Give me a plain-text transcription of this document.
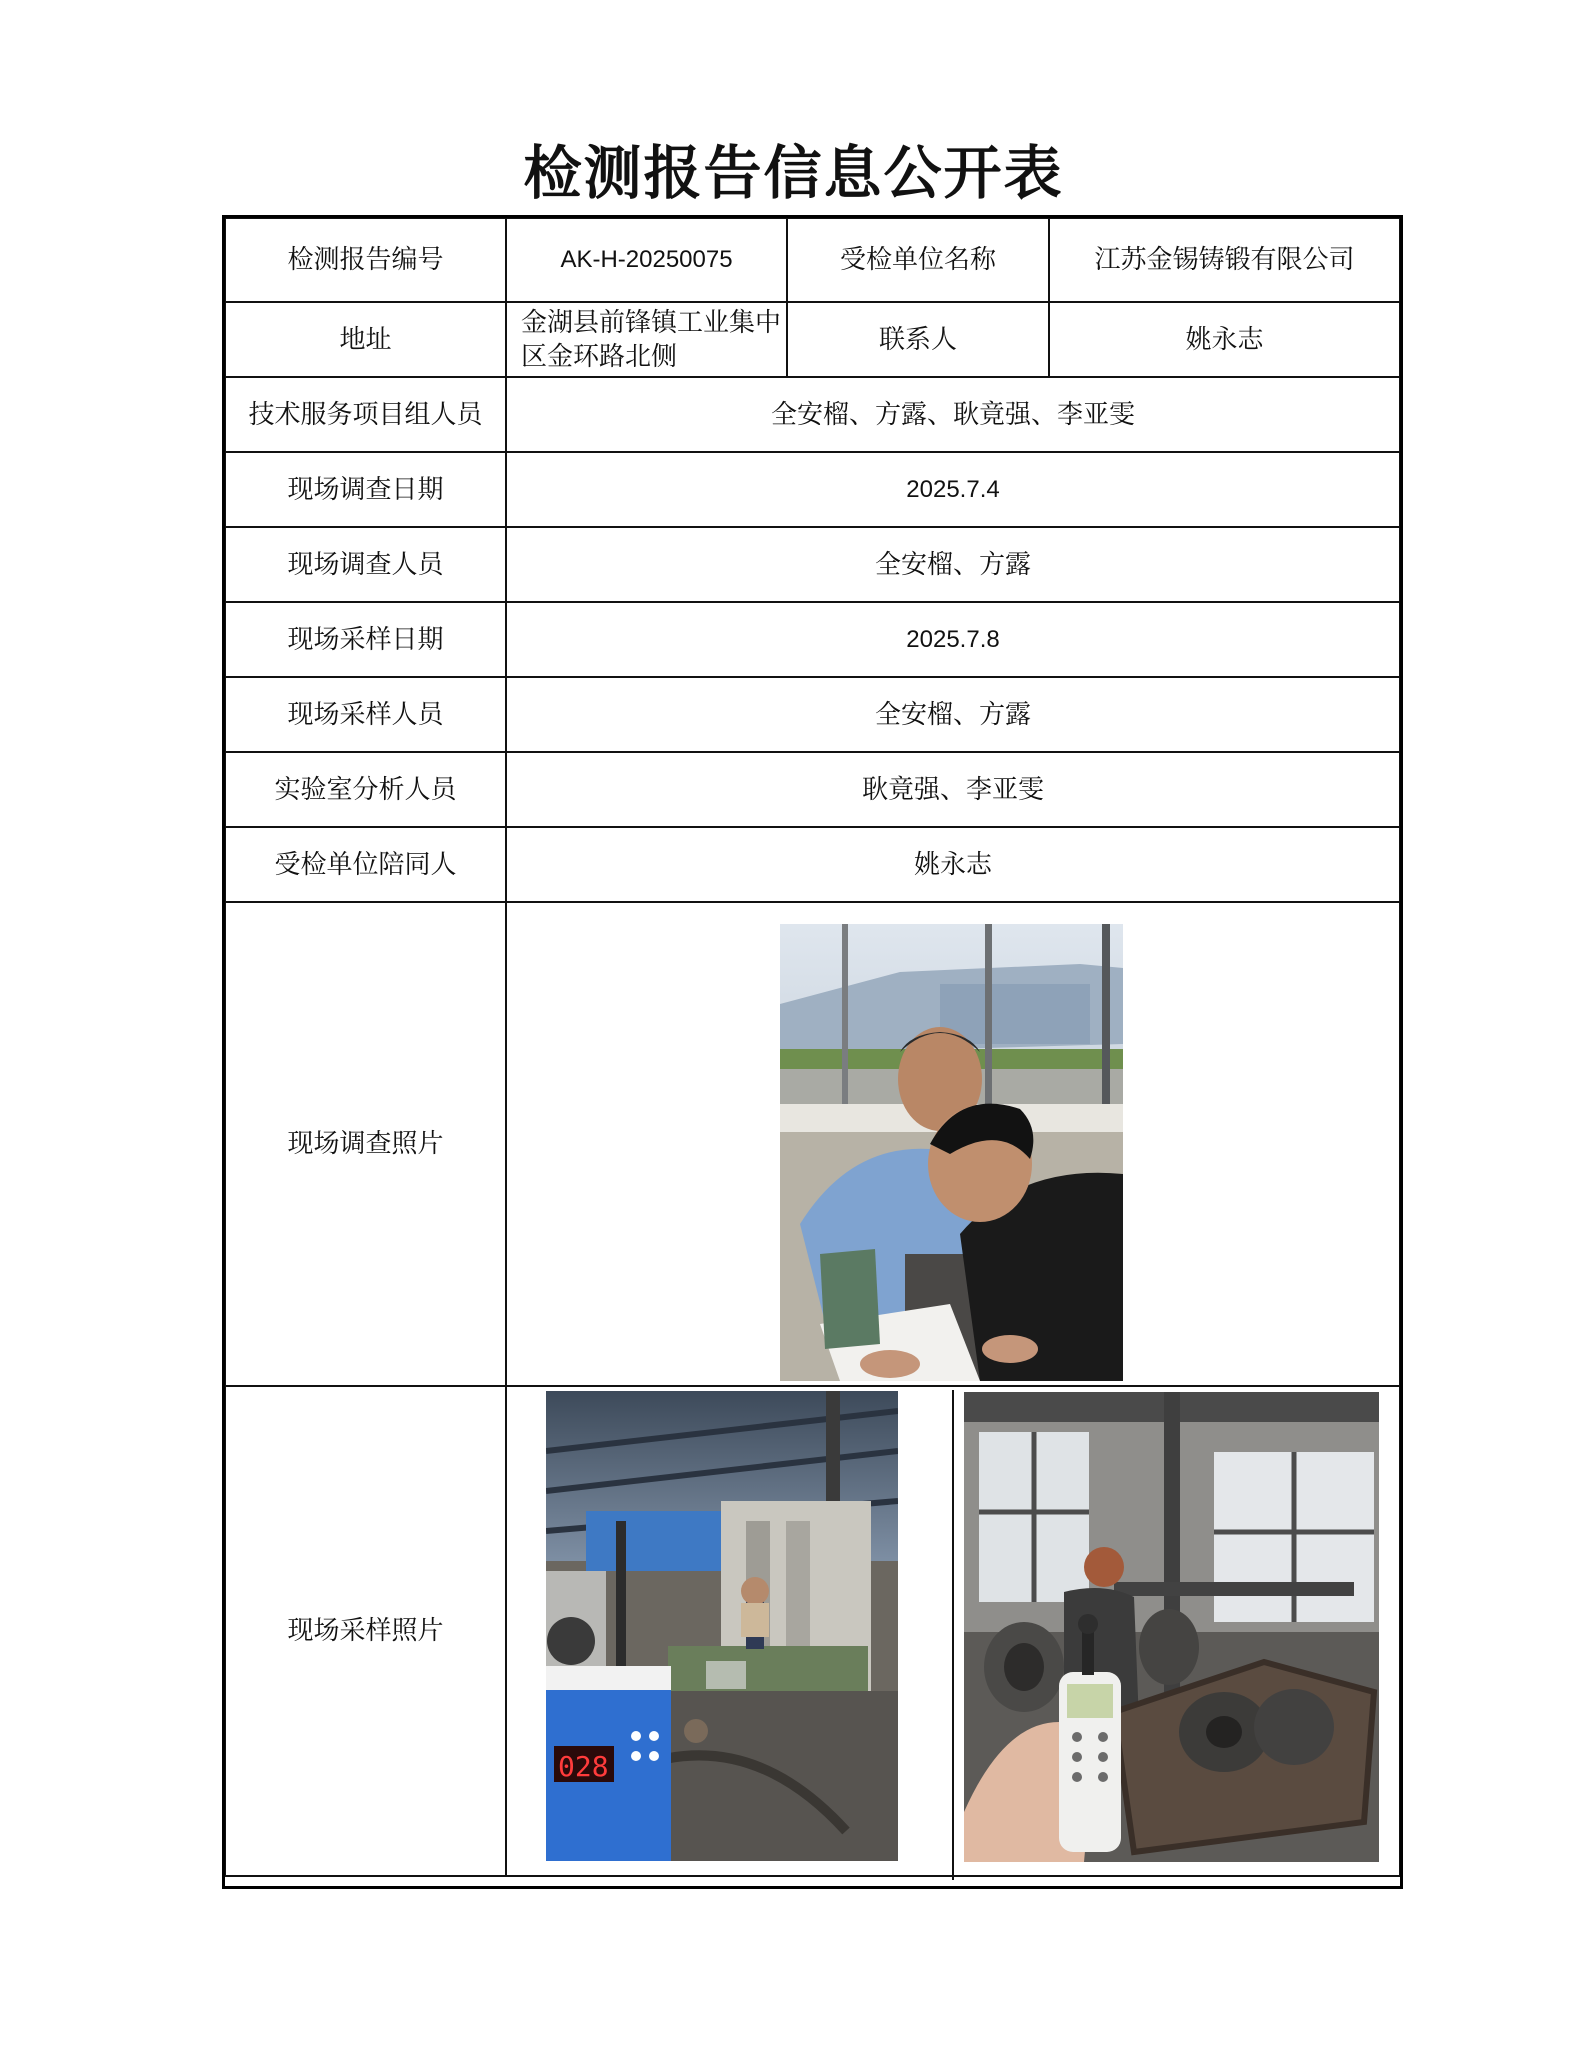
检测报告信息公开表
检测报告编号	AK-H-20250075	受检单位名称	江苏金锡铸锻有限公司
地址	金湖县前锋镇工业集中区金环路北侧	联系人	姚永志
技术服务项目组人员	全安榴、方露、耿竟强、李亚雯		
现场调查日期	2025.7.4		
现场调查人员	全安榴、方露		
现场采样日期	2025.7.8		
现场采样人员	全安榴、方露		
实验室分析人员	耿竟强、李亚雯		
受检单位陪同人	姚永志		
现场调查照片			
现场采样照片			
028
